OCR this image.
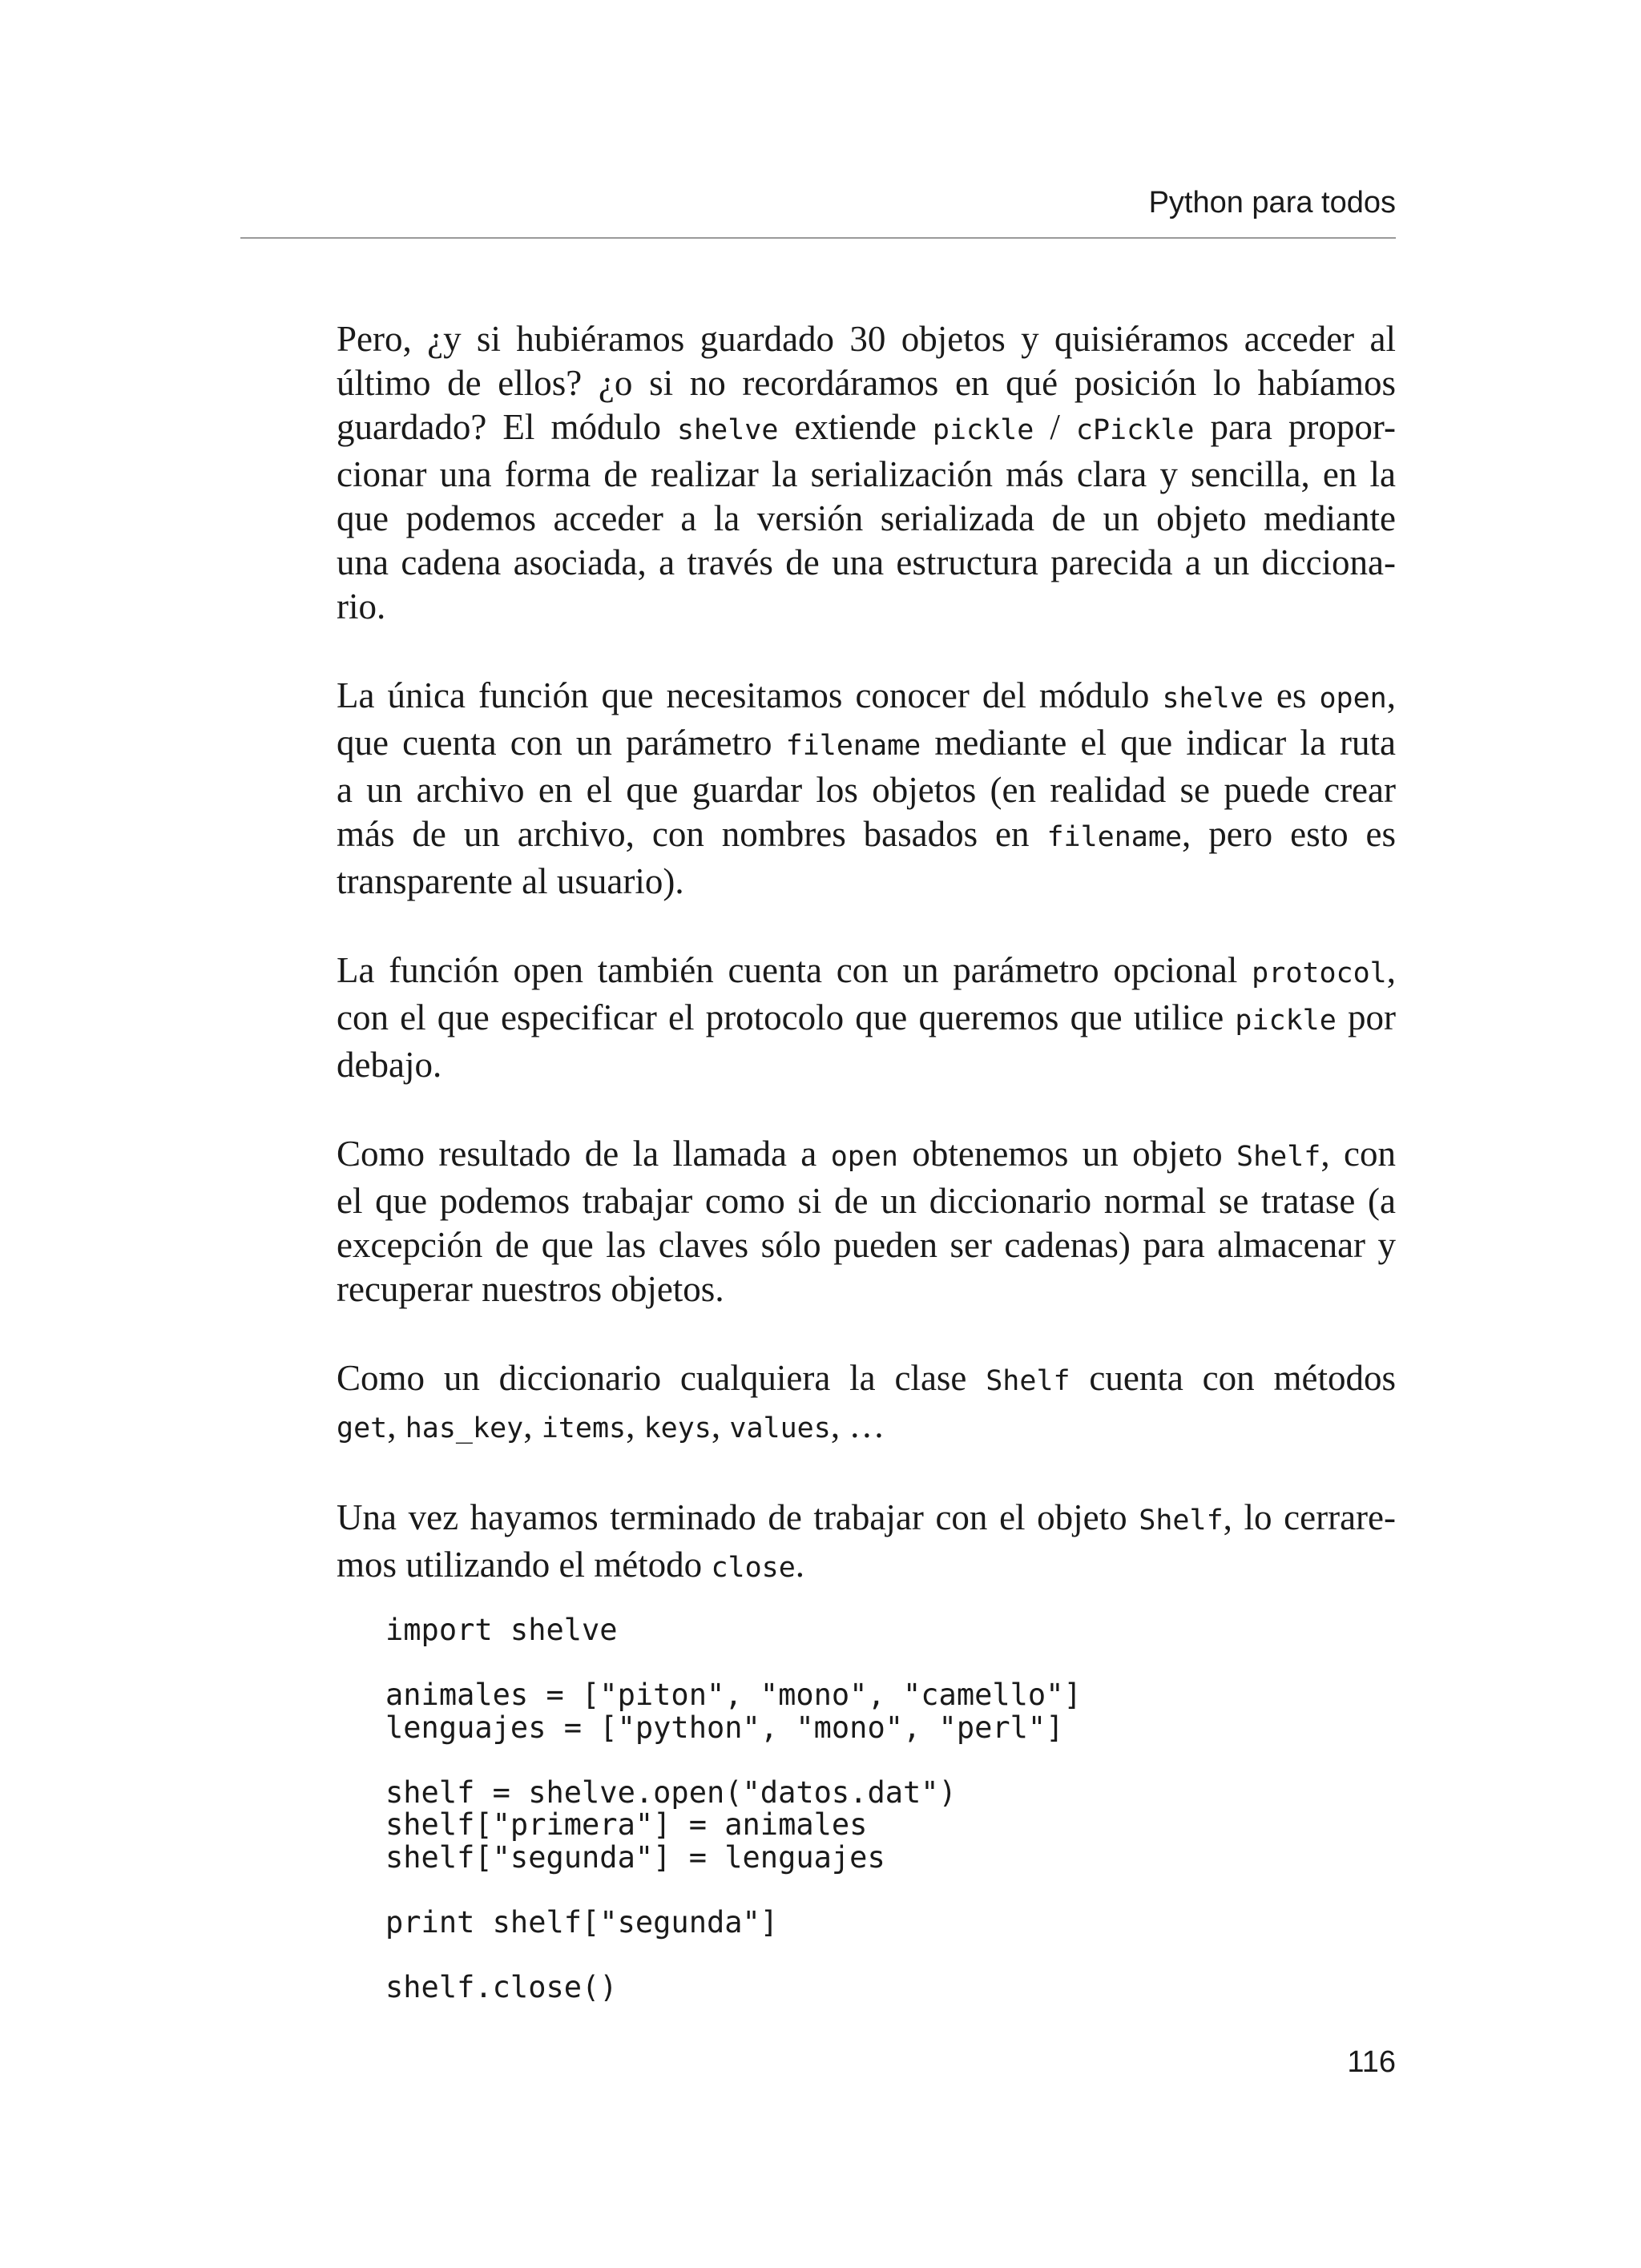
Python para todos

Pero, ¿y si hubiéramos guardado 30 objetos y quisiéramos acceder al
último de ellos? ¿o si no recordáramos en qué posición lo habíamos
guardado? El módulo shelve extiende pickle / cPickle para propor-
cionar una forma de realizar la serialización más clara y sencilla, en la
que podemos acceder a la versión serializada de un objeto mediante
una cadena asociada, a través de una estructura parecida a un dicciona-
rio.

La única función que necesitamos conocer del módulo shelve es open,
que cuenta con un parámetro filename mediante el que indicar la ruta
a un archivo en el que guardar los objetos (en realidad se puede crear
más de un archivo, con nombres basados en filename, pero esto es
transparente al usuario).

La función open también cuenta con un parámetro opcional protocol,
con el que especificar el protocolo que queremos que utilice pickle por
debajo.

Como resultado de la llamada a open obtenemos un objeto Shelf, con
el que podemos trabajar como si de un diccionario normal se tratase (a
excepción de que las claves sólo pueden ser cadenas) para almacenar y
recuperar nuestros objetos.

Como un diccionario cualquiera la clase Shelf cuenta con métodos
get, has_key, items, keys, values, …

Una vez hayamos terminado de trabajar con el objeto Shelf, lo cerrare-
mos utilizando el método close.

import shelve
animales = ["piton", "mono", "camello"]
lenguajes = ["python", "mono", "perl"]
shelf = shelve.open("datos.dat")
shelf["primera"] = animales
shelf["segunda"] = lenguajes
print shelf["segunda"]
shelf.close()
116
